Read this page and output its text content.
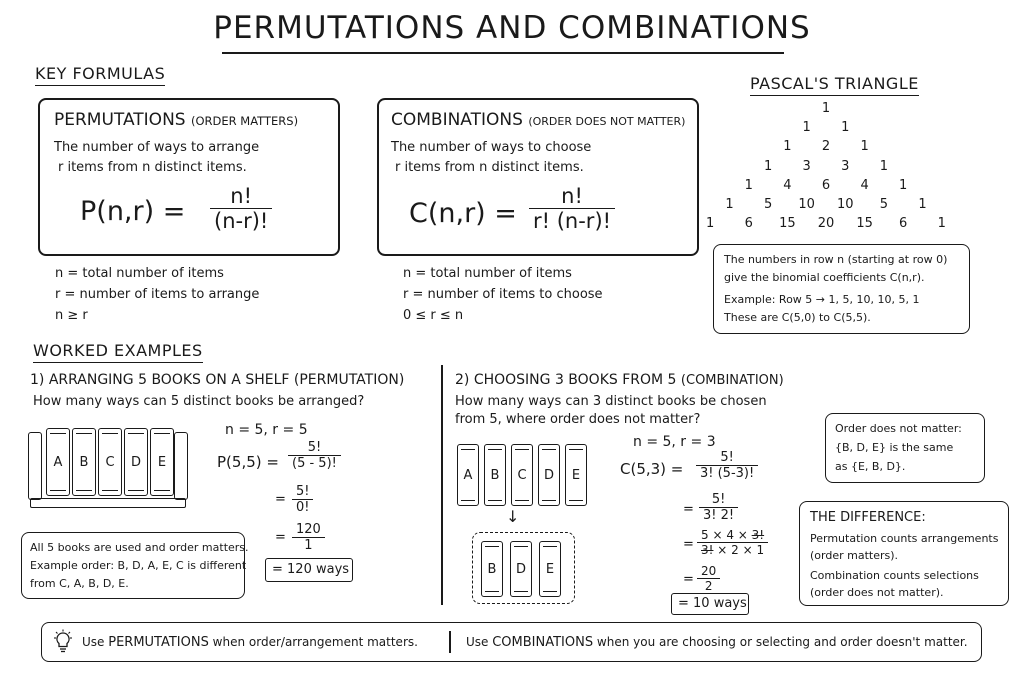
PERMUTATIONS AND COMBINATIONS
KEY FORMULAS
PERMUTATIONS (ORDER MATTERS)
The number of ways to arrange
r items from n distinct items.
P(n,r) =	n!
(n-r)!
n = total number of items
r = number of items to arrange
n ≥ r
COMBINATIONS (ORDER DOES NOT MATTER)
The number of ways to choose
r items from n distinct items.
C(n,r) =
n!
r! (n-r)!
n = total number of items
r = number of items to choose
0 ≤ r ≤ n
PASCAL'S TRIANGLE
1
1	1
1	2	1
1	3	3	1
1	4	6	4	1
1	5	10 10	5	1
1	6	15 20 15	6	1
The numbers in row n (starting at row 0)
give the binomial coefficients C(n,r).
Example: Row 5 → 1, 5, 10, 10, 5, 1
These are C(5,0) to C(5,5).
WORKED EXAMPLES
1) ARRANGING 5 BOOKS ON A SHELF (PERMUTATION)
How many ways can 5 distinct books be arranged?
A	B	C	D	E
n = 5, r = 5
P(5,5) =
5!
(5 - 5)!
=
5!
0!
=
120
1
= 120 ways
All 5 books are used and order matters.
Example order: B, D, A, E, C is different
from C, A, B, D, E.
2) CHOOSING 3 BOOKS FROM 5 (COMBINATION)
How many ways can 3 distinct books be chosen
from 5, where order does not matter?
A	B	C	D	E
↓
B	D	E
n = 5, r = 3
C(5,3) =
5!
3! (5-3)!
=
5!
3! 2!
=
5 × 4 × 3!
3! × 2 × 1
=
20
2
= 10 ways
Order does not matter:
{B, D, E} is the same
as {E, B, D}.
THE DIFFERENCE:
Permutation counts arrangements
(order matters).
Combination counts selections
(order does not matter).
Use PERMUTATIONS when order/arrangement matters.	Use COMBINATIONS when you are choosing or selecting and order doesn't matter.
